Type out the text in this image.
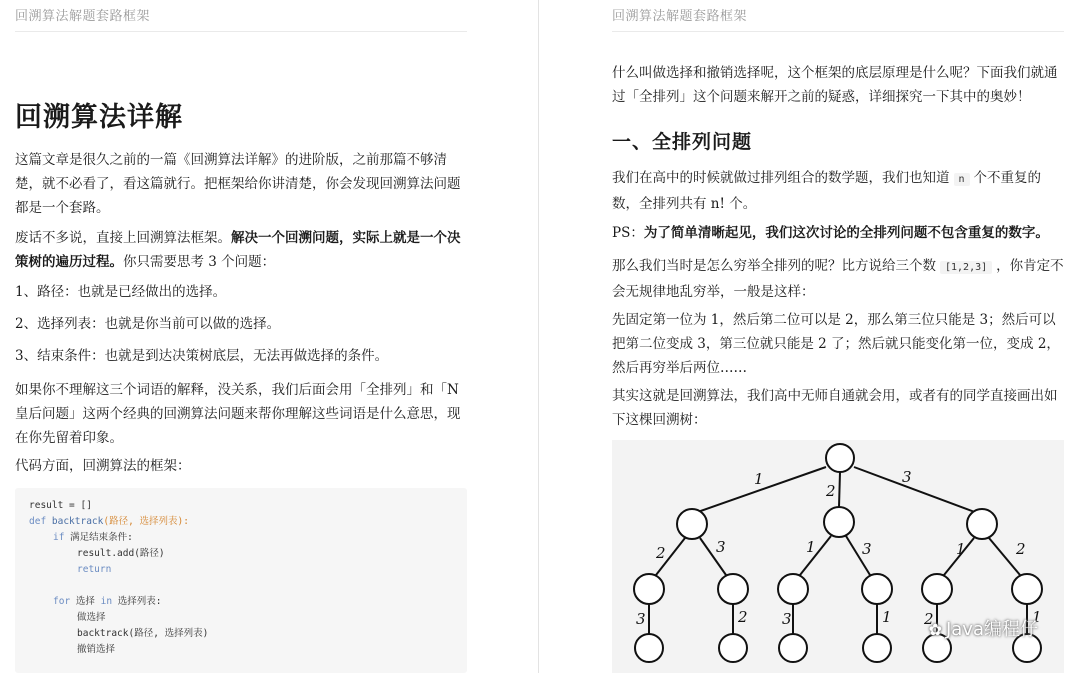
回溯算法解题套路框架
回溯算法详解
这篇文章是很久之前的一篇《回溯算法详解》的进阶版，之前那篇不够清楚，就不必看了，看这篇就行。把框架给你讲清楚，你会发现回溯算法问题都是一个套路。
废话不多说，直接上回溯算法框架。解决一个回溯问题，实际上就是一个决策树的遍历过程。你只需要思考 3 个问题：
1、路径：也就是已经做出的选择。
2、选择列表：也就是你当前可以做的选择。
3、结束条件：也就是到达决策树底层，无法再做选择的条件。
如果你不理解这三个词语的解释，没关系，我们后面会用「全排列」和「N皇后问题」这两个经典的回溯算法问题来帮你理解这些词语是什么意思，现在你先留着印象。
代码方面，回溯算法的框架：
result = []
def backtrack(路径, 选择列表):
if 满足结束条件:
result.add(路径)
return
for 选择 in 选择列表:
做选择
backtrack(路径, 选择列表)
撤销选择
回溯算法解题套路框架
什么叫做选择和撤销选择呢，这个框架的底层原理是什么呢？下面我们就通过「全排列」这个问题来解开之前的疑惑，详细探究一下其中的奥妙！
一、全排列问题
我们在高中的时候就做过排列组合的数学题，我们也知道 n 个不重复的数，全排列共有 n! 个。
PS：为了简单清晰起见，我们这次讨论的全排列问题不包含重复的数字。
那么我们当时是怎么穷举全排列的呢？比方说给三个数 [1,2,3] ，你肯定不会无规律地乱穷举，一般是这样：
先固定第一位为 1，然后第二位可以是 2，那么第三位只能是 3；然后可以把第二位变成 3，第三位就只能是 2 了；然后就只能变化第一位，变成 2，然后再穷举后两位……
其实这就是回溯算法，我们高中无师自通就会用，或者有的同学直接画出如下这棵回溯树：
1
2
3
2	3	1	3	1	2
3	2 3	1 2	1
✿ Java编程仔
